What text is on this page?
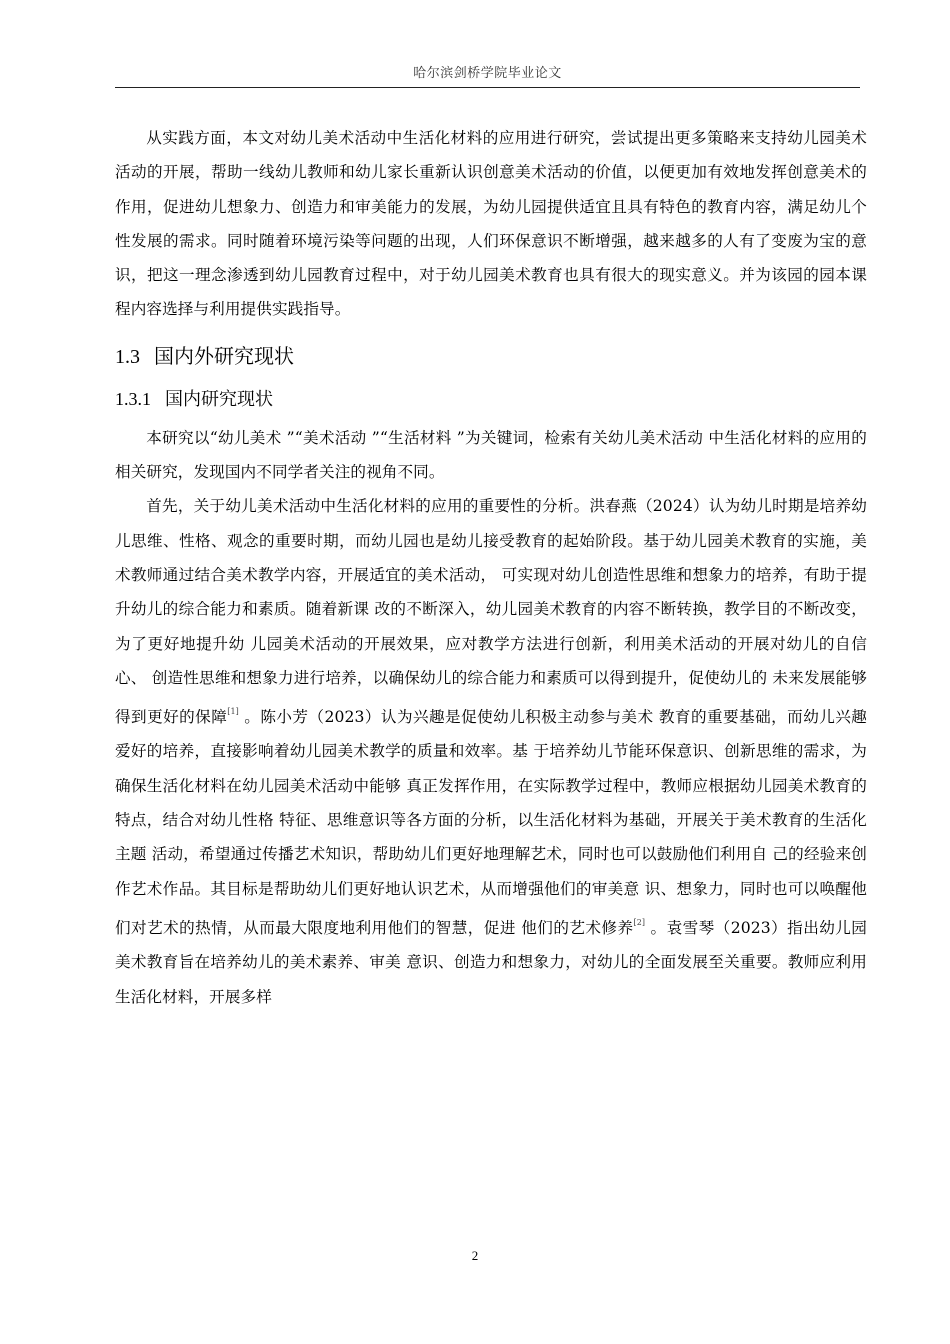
哈尔滨剑桥学院毕业论文

从实践方面，本文对幼儿美术活动中生活化材料的应用进行研究，尝试提出更多策略来支持幼儿园美术活动的开展，帮助一线幼儿教师和幼儿家长重新认识创意美术活动的价值，以便更加有效地发挥创意美术的作用，促进幼儿想象力、创造力和审美能力的发展，为幼儿园提供适宜且具有特色的教育内容，满足幼儿个性发展的需求。同时随着环境污染等问题的出现，人们环保意识不断增强，越来越多的人有了变废为宝的意识，把这一理念渗透到幼儿园教育过程中，对于幼儿园美术教育也具有很大的现实意义。并为该园的园本课程内容选择与利用提供实践指导。

1.3 国内外研究现状
1.3.1 国内研究现状

本研究以“幼儿美术 ”“美术活动 ”“生活材料 ”为关键词，检索有关幼儿美术活动 中生活化材料的应用的相关研究，发现国内不同学者关注的视角不同。

首先，关于幼儿美术活动中生活化材料的应用的重要性的分析。洪春燕（2024）认为幼儿时期是培养幼儿思维、性格、观念的重要时期，而幼儿园也是幼儿接受教育的起始阶段。基于幼儿园美术教育的实施，美术教师通过结合美术教学内容，开展适宜的美术活动， 可实现对幼儿创造性思维和想象力的培养，有助于提升幼儿的综合能力和素质。随着新课 改的不断深入，幼儿园美术教育的内容不断转换，教学目的不断改变，为了更好地提升幼 儿园美术活动的开展效果，应对教学方法进行创新，利用美术活动的开展对幼儿的自信心、 创造性思维和想象力进行培养，以确保幼儿的综合能力和素质可以得到提升，促使幼儿的 未来发展能够得到更好的保障[1] 。陈小芳（2023）认为兴趣是促使幼儿积极主动参与美术 教育的重要基础，而幼儿兴趣爱好的培养，直接影响着幼儿园美术教学的质量和效率。基 于培养幼儿节能环保意识、创新思维的需求，为确保生活化材料在幼儿园美术活动中能够 真正发挥作用，在实际教学过程中，教师应根据幼儿园美术教育的特点，结合对幼儿性格 特征、思维意识等各方面的分析，以生活化材料为基础，开展关于美术教育的生活化主题 活动，希望通过传播艺术知识，帮助幼儿们更好地理解艺术，同时也可以鼓励他们利用自 己的经验来创作艺术作品。其目标是帮助幼儿们更好地认识艺术，从而增强他们的审美意 识、想象力，同时也可以唤醒他们对艺术的热情，从而最大限度地利用他们的智慧，促进 他们的艺术修养[2] 。袁雪琴（2023）指出幼儿园美术教育旨在培养幼儿的美术素养、审美 意识、创造力和想象力，对幼儿的全面发展至关重要。教师应利用生活化材料，开展多样

2
